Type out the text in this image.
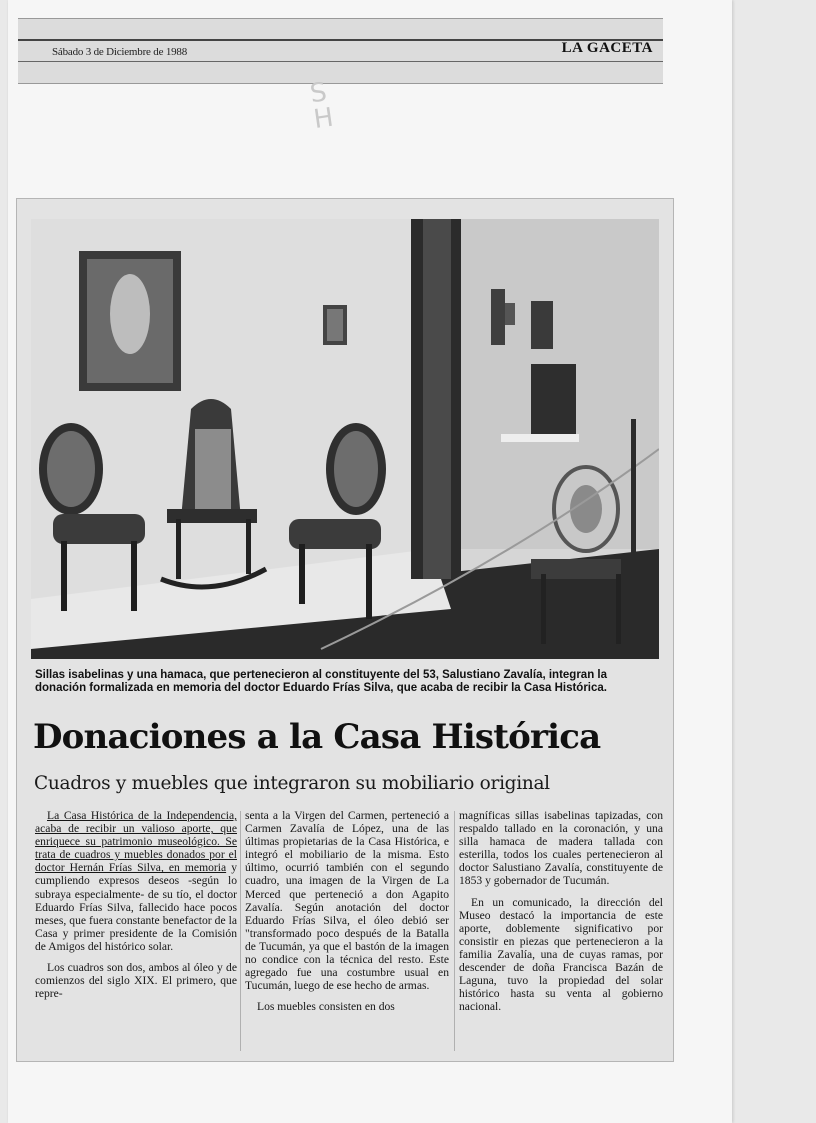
Sábado 3 de Diciembre de 1988	LA GACETA
S
H
Sillas isabelinas y una hamaca, que pertenecieron al constituyente del 53, Salustiano Zavalía, integran la donación formalizada en memoria del doctor Eduardo Frías Silva, que acaba de recibir la Casa Histórica.
Donaciones a la Casa Histórica
Cuadros y muebles que integraron su mobiliario original

La Casa Histórica de la Independencia, acaba de recibir un valioso aporte, que enriquece su patrimonio museológico. Se trata de cuadros y muebles donados por el doctor Hernán Frías Silva, en memoria y cumpliendo expresos deseos -según lo subraya especialmente- de su tío, el doctor Eduardo Frías Silva, fallecido hace pocos meses, que fuera constante benefactor de la Casa y primer presidente de la Comisión de Amigos del histórico solar.

Los cuadros son dos, ambos al óleo y de comienzos del siglo XIX. El primero, que repre-

senta a la Virgen del Carmen, perteneció a Carmen Zavalía de López, una de las últimas propietarias de la Casa Histórica, e integró el mobiliario de la misma. Esto último, ocurrió también con el segundo cuadro, una imagen de la Virgen de La Merced que perteneció a don Agapito Zavalía. Según anotación del doctor Eduardo Frías Silva, el óleo debió ser "transformado poco después de la Batalla de Tucumán, ya que el bastón de la imagen no condice con la técnica del resto. Este agregado fue una costumbre usual en Tucumán, luego de ese hecho de armas.

Los muebles consisten en dos

magníficas sillas isabelinas tapizadas, con respaldo tallado en la coronación, y una silla hamaca de madera tallada con esterilla, todos los cuales pertenecieron al doctor Salustiano Zavalía, constituyente de 1853 y gobernador de Tucumán.

En un comunicado, la dirección del Museo destacó la importancia de este aporte, doblemente significativo por consistir en piezas que pertenecieron a la familia Zavalía, una de cuyas ramas, por descender de doña Francisca Bazán de Laguna, tuvo la propiedad del solar histórico hasta su venta al gobierno nacional.
